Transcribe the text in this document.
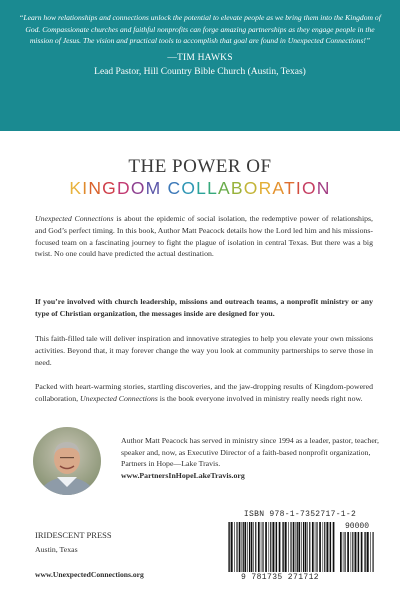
“Learn how relationships and connections unlock the potential to elevate people as we bring them into the Kingdom of God. Compassionate churches and faithful nonprofits can forge amazing partnerships as they engage people in the mission of Jesus. The vision and practical tools to accomplish that goal are found in Unexpected Connections!”

—TIM HAWKS
Lead Pastor, Hill Country Bible Church (Austin, Texas)
THE POWER OF
KINGDOM COLLABORATION
Unexpected Connections is about the epidemic of social isolation, the redemptive power of relationships, and God’s perfect timing. In this book, Author Matt Peacock details how the Lord led him and his missions-focused team on a fascinating journey to fight the plague of isolation in central Texas. But there was a big twist. No one could have predicted the actual destination.
If you’re involved with church leadership, missions and outreach teams, a nonprofit ministry or any type of Christian organization, the messages inside are designed for you.
This faith-filled tale will deliver inspiration and innovative strategies to help you elevate your own missions activities. Beyond that, it may forever change the way you look at community partnerships to serve those in need.
Packed with heart-warming stories, startling discoveries, and the jaw-dropping results of Kingdom-powered collaboration, Unexpected Connections is the book everyone involved in ministry really needs right now.
Author Matt Peacock has served in ministry since 1994 as a leader, pastor, teacher, speaker and, now, as Executive Director of a faith-based nonprofit organization, Partners in Hope—Lake Travis.
www.PartnersInHopeLakeTravis.org
IRIDESCENT PRESS
Austin, Texas
www.UnexpectedConnections.org
ISBN 978-1-7352717-1-2
90000
9 781735 271712
